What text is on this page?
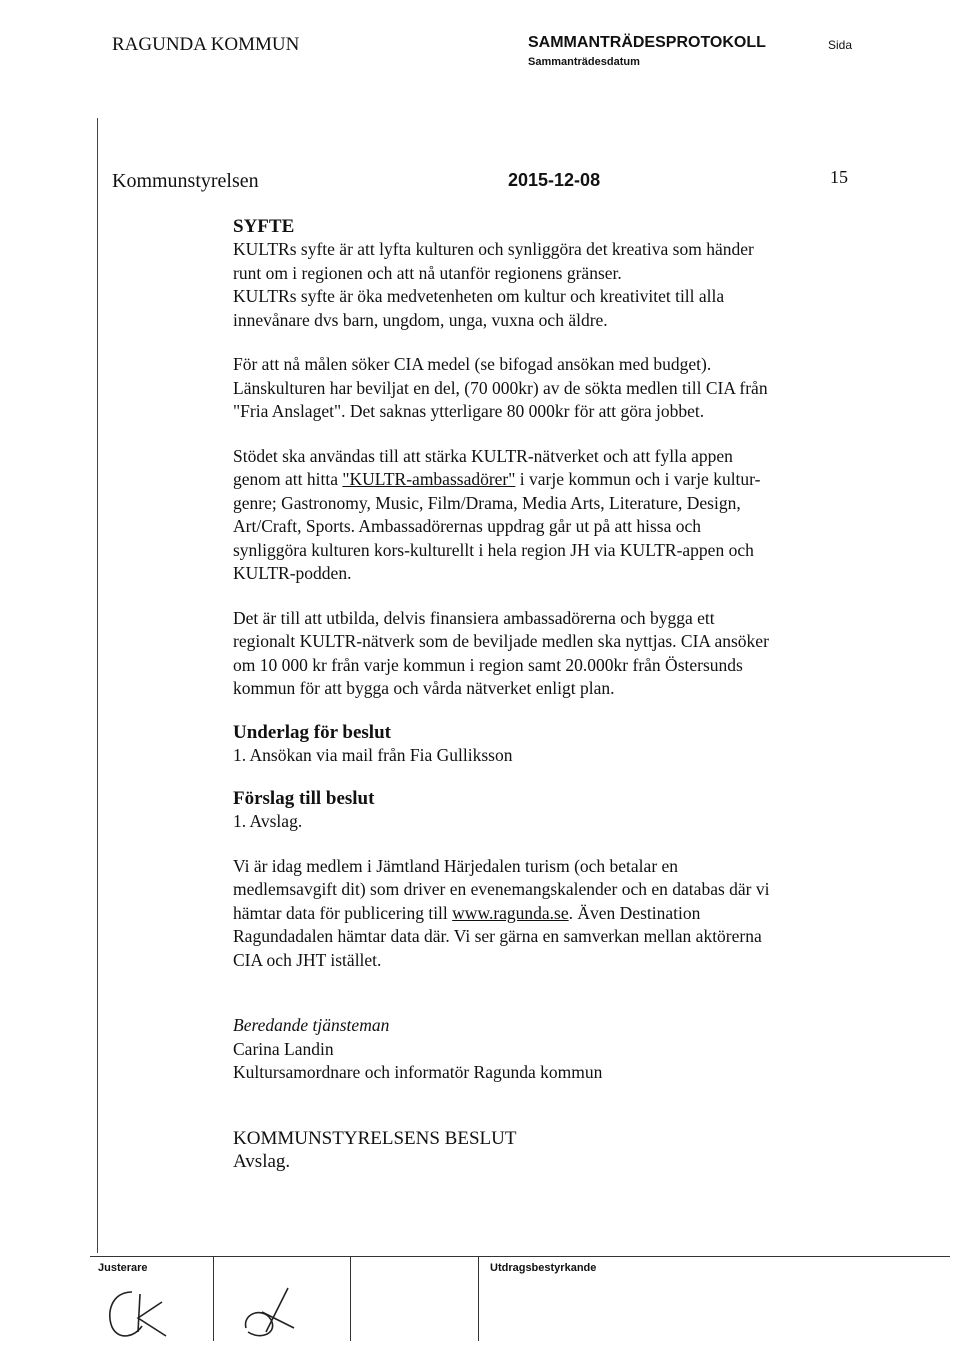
RAGUNDA KOMMUN	SAMMANTRÄDESPROTOKOLL
Sammanträdesdatum
Sida
Kommunstyrelsen	2015-12-08	15
SYFTE

KULTRs syfte är att lyfta kulturen och synliggöra det kreativa som händer

runt om i regionen och att nå utanför regionens gränser.

KULTRs syfte är öka medvetenheten om kultur och kreativitet till alla

innevånare dvs barn, ungdom, unga, vuxna och äldre.

För att nå målen söker CIA medel (se bifogad ansökan med budget).

Länskulturen har beviljat en del, (70 000kr) av de sökta medlen till CIA från

"Fria Anslaget". Det saknas ytterligare 80 000kr för att göra jobbet.

Stödet ska användas till att stärka KULTR-nätverket och att fylla appen

genom att hitta "KULTR-ambassadörer" i varje kommun och i varje kultur-

genre; Gastronomy, Music, Film/Drama, Media Arts, Literature, Design,

Art/Craft, Sports. Ambassadörernas uppdrag går ut på att hissa och

synliggöra kulturen kors-kulturellt i hela region JH via KULTR-appen och

KULTR-podden.

Det är till att utbilda, delvis finansiera ambassadörerna och bygga ett

regionalt KULTR-nätverk som de beviljade medlen ska nyttjas. CIA ansöker

om 10 000 kr från varje kommun i region samt 20.000kr från Östersunds

kommun för att bygga och vårda nätverket enligt plan.

Underlag för beslut

1. Ansökan via mail från Fia Gulliksson

Förslag till beslut

1. Avslag.

Vi är idag medlem i Jämtland Härjedalen turism (och betalar en

medlemsavgift dit) som driver en evenemangskalender och en databas där vi

hämtar data för publicering till www.ragunda.se. Även Destination

Ragundadalen hämtar data där. Vi ser gärna en samverkan mellan aktörerna

CIA och JHT istället.

Beredande tjänsteman

Carina Landin

Kultursamordnare och informatör Ragunda kommun

KOMMUNSTYRELSENS BESLUT

Avslag.

Justerare	Utdragsbestyrkande
